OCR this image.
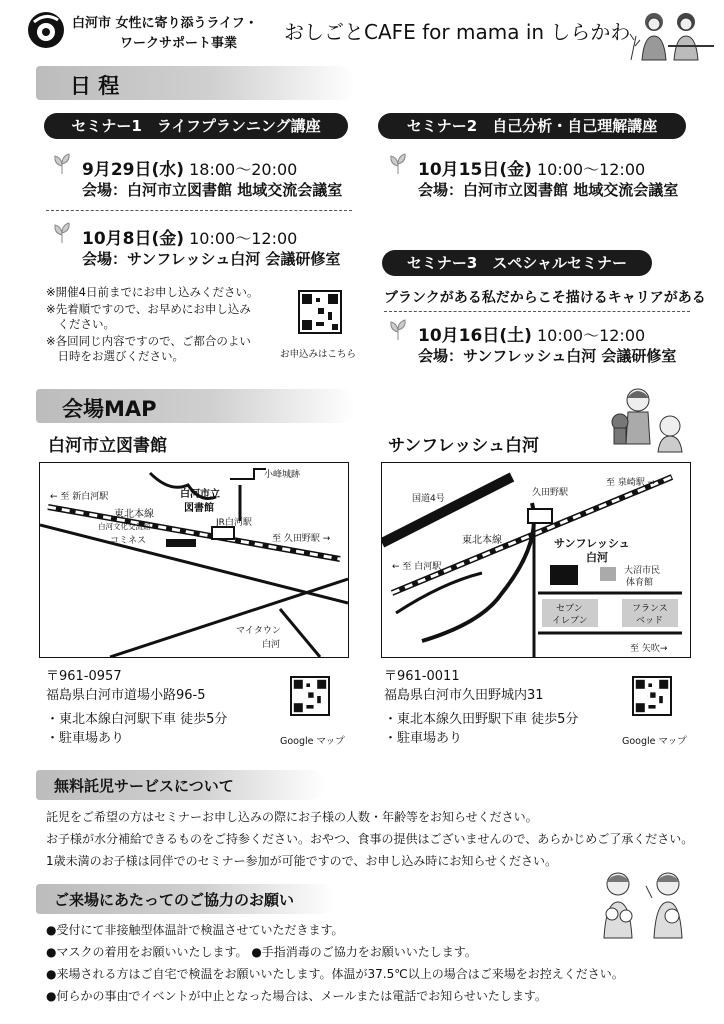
白河市 女性に寄り添うライフ・
ワークサポート事業 おしごとCAFE for mama in しらかわ
日 程
セミナー1　ライフプランニング講座
9月29日(水) 18:00〜20:00
会場：白河市立図書館 地域交流会議室
10月8日(金) 10:00〜12:00
会場：サンフレッシュ白河 会議研修室
※開催4日前までにお申し込みください。
※先着順ですので、お早めにお申し込み
　ください。
※各回同じ内容ですので、ご都合のよい
　日時をお選びください。	お申込みはこちら
セミナー2　自己分析・自己理解講座
10月15日(金) 10:00〜12:00
会場：白河市立図書館 地域交流会議室
セミナー3　スペシャルセミナー
ブランクがある私だからこそ描けるキャリアがある
10月16日(土) 10:00〜12:00
会場：サンフレッシュ白河 会議研修室
会場MAP
白河市立図書館
← 至 新白河駅
東北本線
白河市立
図書館
小峰城跡
JR白河駅
白河文化交流館
コミネス	至 久田野駅 →
マイタウン
白河
〒961-0957
福島県白河市道場小路96-5
・東北本線白河駅下車 徒歩5分
・駐車場あり	Google マップ
サンフレッシュ白河
国道4号
久田野駅
至 泉崎駅 →
東北本線
← 至 白河駅
サンフレッシュ
白河
大沼市民
体育館
セブン
イレブン
フランス
ベッド
至 矢吹→
〒961-0011
福島県白河市久田野城内31
・東北本線久田野駅下車 徒歩5分
・駐車場あり	Google マップ
無料託児サービスについて
託児をご希望の方はセミナーお申し込みの際にお子様の人数・年齢等をお知らせください。
お子様が水分補給できるものをご持参ください。おやつ、食事の提供はございませんので、あらかじめご了承ください。
1歳未満のお子様は同伴でのセミナー参加が可能ですので、お申し込み時にお知らせください。
ご来場にあたってのご協力のお願い
●受付にて非接触型体温計で検温させていただきます。
●マスクの着用をお願いいたします。 ●手指消毒のご協力をお願いいたします。
●来場される方はご自宅で検温をお願いいたします。体温が37.5℃以上の場合はご来場をお控えください。
●何らかの事由でイベントが中止となった場合は、メールまたは電話でお知らせいたします。
